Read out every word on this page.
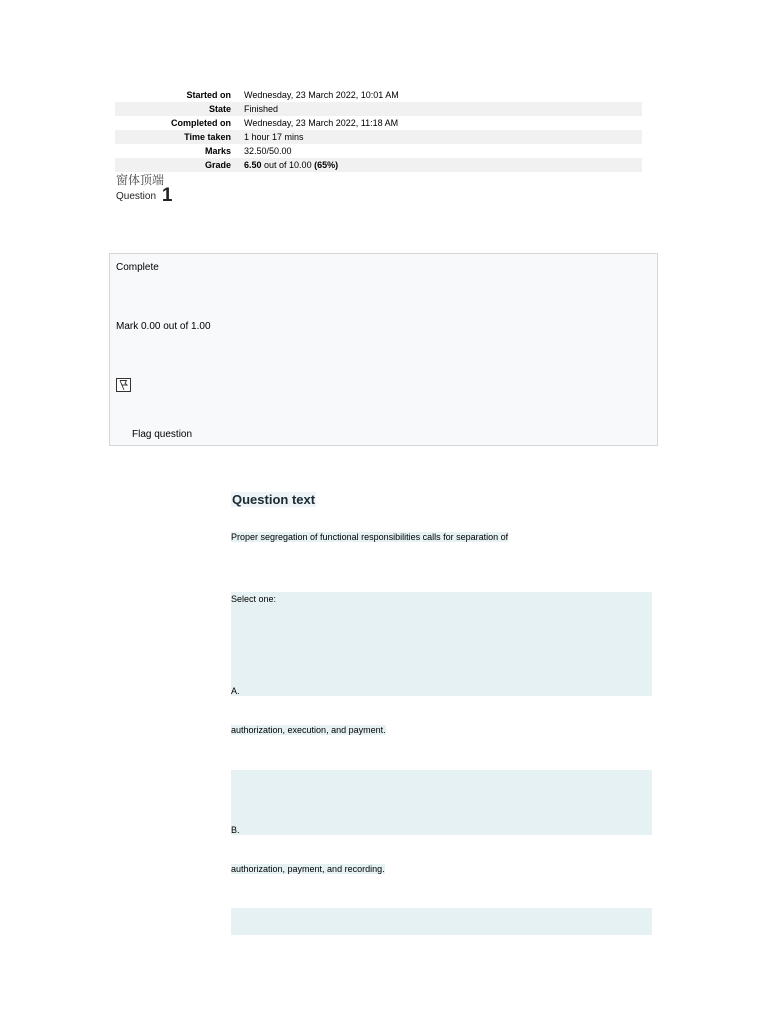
Started on	Wednesday, 23 March 2022, 10:01 AM
State	Finished
Completed on	Wednesday, 23 March 2022, 11:18 AM
Time taken	1 hour 17 mins
Marks	32.50/50.00
Grade	6.50 out of 10.00 (65%)
窗体顶端
Question 1
Complete
Mark 0.00 out of 1.00
Flag question
Question text
Proper segregation of functional responsibilities calls for separation of
Select one:
A.
authorization, execution, and payment.
B.
authorization, payment, and recording.
